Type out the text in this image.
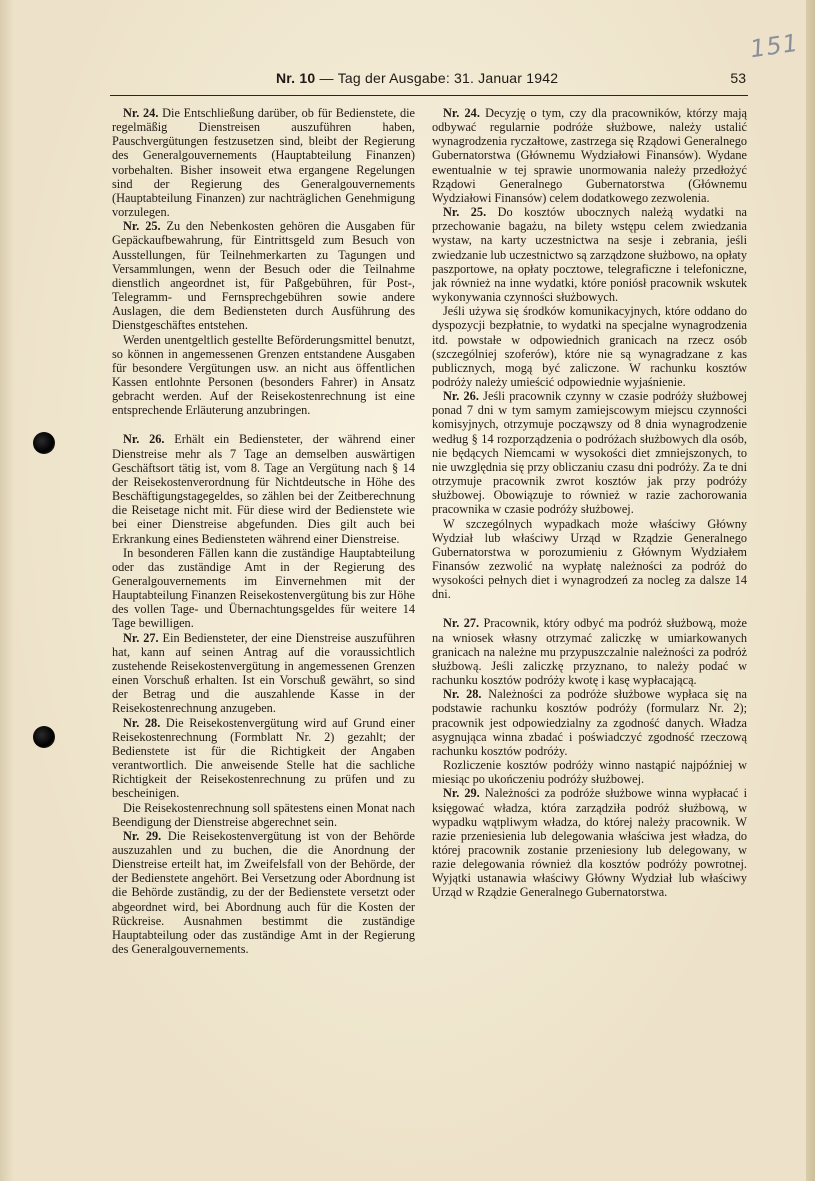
151
Nr. 10 — Tag der Ausgabe: 31. Januar 1942	53

Nr. 24. Die Entschließung darüber, ob für Bedienstete, die regelmäßig Dienstreisen auszuführen haben, Pauschvergütungen festzusetzen sind, bleibt der Regierung des Generalgouvernements (Hauptabteilung Finanzen) vorbehalten. Bisher insoweit etwa ergangene Regelungen sind der Regierung des Generalgouvernements (Hauptabteilung Finanzen) zur nachträglichen Genehmigung vorzulegen.

Nr. 25. Zu den Nebenkosten gehören die Ausgaben für Gepäckaufbewahrung, für Eintrittsgeld zum Besuch von Ausstellungen, für Teilnehmerkarten zu Tagungen und Versammlungen, wenn der Besuch oder die Teilnahme dienstlich angeordnet ist, für Paßgebühren, für Post-, Telegramm- und Fernsprechgebühren sowie andere Auslagen, die dem Bediensteten durch Ausführung des Dienstgeschäftes entstehen.

Werden unentgeltlich gestellte Beförderungsmittel benutzt, so können in angemessenen Grenzen entstandene Ausgaben für besondere Vergütungen usw. an nicht aus öffentlichen Kassen entlohnte Personen (besonders Fahrer) in Ansatz gebracht werden. Auf der Reisekostenrechnung ist eine entsprechende Erläuterung anzubringen.

Nr. 26. Erhält ein Bediensteter, der während einer Dienstreise mehr als 7 Tage an demselben auswärtigen Geschäftsort tätig ist, vom 8. Tage an Vergütung nach § 14 der Reisekostenverordnung für Nichtdeutsche in Höhe des Beschäftigungstagegeldes, so zählen bei der Zeitberechnung die Reisetage nicht mit. Für diese wird der Bedienstete wie bei einer Dienstreise abgefunden. Dies gilt auch bei Erkrankung eines Bediensteten während einer Dienstreise.

In besonderen Fällen kann die zuständige Hauptabteilung oder das zuständige Amt in der Regierung des Generalgouvernements im Einvernehmen mit der Hauptabteilung Finanzen Reisekostenvergütung bis zur Höhe des vollen Tage- und Übernachtungsgeldes für weitere 14 Tage bewilligen.

Nr. 27. Ein Bediensteter, der eine Dienstreise auszuführen hat, kann auf seinen Antrag auf die voraussichtlich zustehende Reisekostenvergütung in angemessenen Grenzen einen Vorschuß erhalten. Ist ein Vorschuß gewährt, so sind der Betrag und die auszahlende Kasse in der Reisekostenrechnung anzugeben.

Nr. 28. Die Reisekostenvergütung wird auf Grund einer Reisekostenrechnung (Formblatt Nr. 2) gezahlt; der Bedienstete ist für die Richtigkeit der Angaben verantwortlich. Die anweisende Stelle hat die sachliche Richtigkeit der Reisekostenrechnung zu prüfen und zu bescheinigen.

Die Reisekostenrechnung soll spätestens einen Monat nach Beendigung der Dienstreise abgerechnet sein.

Nr. 29. Die Reisekostenvergütung ist von der Behörde auszuzahlen und zu buchen, die die Anordnung der Dienstreise erteilt hat, im Zweifelsfall von der Behörde, der der Bedienstete angehört. Bei Versetzung oder Abordnung ist die Behörde zuständig, zu der der Bedienstete versetzt oder abgeordnet wird, bei Abordnung auch für die Kosten der Rückreise. Ausnahmen bestimmt die zuständige Hauptabteilung oder das zuständige Amt in der Regierung des Generalgouvernements.

Nr. 24. Decyzję o tym, czy dla pracowników, którzy mają odbywać regularnie podróże służbowe, należy ustalić wynagrodzenia ryczałtowe, zastrzega się Rządowi Generalnego Gubernatorstwa (Głównemu Wydziałowi Finansów). Wydane ewentualnie w tej sprawie unormowania należy przedłożyć Rządowi Generalnego Gubernatorstwa (Głównemu Wydziałowi Finansów) celem dodatkowego zezwolenia.

Nr. 25. Do kosztów ubocznych należą wydatki na przechowanie bagażu, na bilety wstępu celem zwiedzania wystaw, na karty uczestnictwa na sesje i zebrania, jeśli zwiedzanie lub uczestnictwo są zarządzone służbowo, na opłaty paszportowe, na opłaty pocztowe, telegraficzne i telefoniczne, jak również na inne wydatki, które poniósł pracownik wskutek wykonywania czynności służbowych.

Jeśli używa się środków komunikacyjnych, które oddano do dyspozycji bezpłatnie, to wydatki na specjalne wynagrodzenia itd. powstałe w odpowiednich granicach na rzecz osób (szczególniej szoferów), które nie są wynagradzane z kas publicznych, mogą być zaliczone. W rachunku kosztów podróży należy umieścić odpowiednie wyjaśnienie.

Nr. 26. Jeśli pracownik czynny w czasie podróży służbowej ponad 7 dni w tym samym zamiejscowym miejscu czynności komisyjnych, otrzymuje począwszy od 8 dnia wynagrodzenie według § 14 rozporządzenia o podróżach służbowych dla osób, nie będących Niemcami w wysokości diet zmniejszonych, to nie uwzględnia się przy obliczaniu czasu dni podróży. Za te dni otrzymuje pracownik zwrot kosztów jak przy podróży służbowej. Obowiązuje to również w razie zachorowania pracownika w czasie podróży służbowej.

W szczególnych wypadkach może właściwy Główny Wydział lub właściwy Urząd w Rządzie Generalnego Gubernatorstwa w porozumieniu z Głównym Wydziałem Finansów zezwolić na wypłatę należności za podróż do wysokości pełnych diet i wynagrodzeń za nocleg za dalsze 14 dni.

Nr. 27. Pracownik, który odbyć ma podróż służbową, może na wniosek własny otrzymać zaliczkę w umiarkowanych granicach na należne mu przypuszczalnie należności za podróż służbową. Jeśli zaliczkę przyznano, to należy podać w rachunku kosztów podróży kwotę i kasę wypłacającą.

Nr. 28. Należności za podróże służbowe wypłaca się na podstawie rachunku kosztów podróży (formularz Nr. 2); pracownik jest odpowiedzialny za zgodność danych. Władza asygnująca winna zbadać i poświadczyć zgodność rzeczową rachunku kosztów podróży.

Rozliczenie kosztów podróży winno nastąpić najpóźniej w miesiąc po ukończeniu podróży służbowej.

Nr. 29. Należności za podróże służbowe winna wypłacać i księgować władza, która zarządziła podróż służbową, w wypadku wątpliwym władza, do której należy pracownik. W razie przeniesienia lub delegowania właściwa jest władza, do której pracownik zostanie przeniesiony lub delegowany, w razie delegowania również dla kosztów podróży powrotnej. Wyjątki ustanawia właściwy Główny Wydział lub właściwy Urząd w Rządzie Generalnego Gubernatorstwa.
